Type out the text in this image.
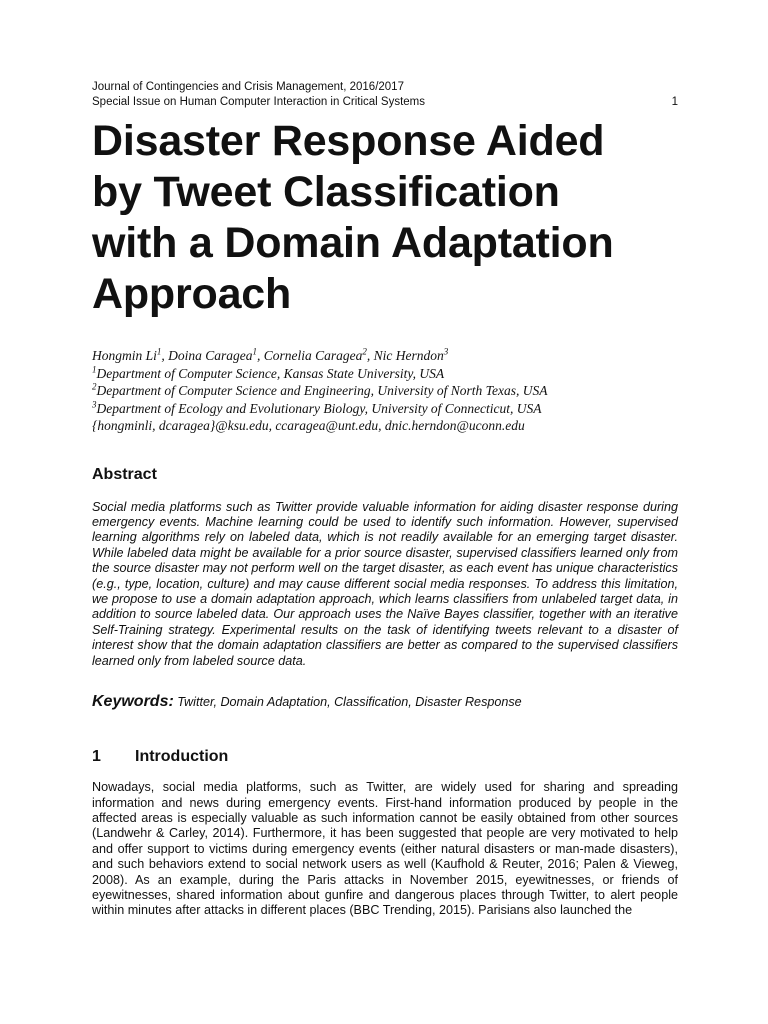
Journal of Contingencies and Crisis Management, 2016/2017
Special Issue on Human Computer Interaction in Critical Systems	1
Disaster Response Aided
by Tweet Classification
with a Domain Adaptation
Approach
Hongmin Li$^1$, Doina Caragea$^1$, Cornelia Caragea$^2$, Nic Herndon$^3$
$^1$Department of Computer Science, Kansas State University, USA
$^2$Department of Computer Science and Engineering, University of North Texas, USA
$^3$Department of Ecology and Evolutionary Biology, University of Connecticut, USA
{hongminli, dcaragea}@ksu.edu, ccaragea@unt.edu, dnic.herndon@uconn.edu
Abstract

Social media platforms such as Twitter provide valuable information for aiding disaster response during emergency events. Machine learning could be used to identify such information. However, supervised learning algorithms rely on labeled data, which is not readily available for an emerging target disaster. While labeled data might be available for a prior source disaster, supervised classifiers learned only from the source disaster may not perform well on the target disaster, as each event has unique characteristics (e.g., type, location, culture) and may cause different social media responses. To address this limitation, we propose to use a domain adaptation approach, which learns classifiers from unlabeled target data, in addition to source labeled data. Our approach uses the Naïve Bayes classifier, together with an iterative Self-Training strategy. Experimental results on the task of identifying tweets relevant to a disaster of interest show that the domain adaptation classifiers are better as compared to the supervised classifiers learned only from labeled source data.

Keywords: Twitter, Domain Adaptation, Classification, Disaster Response
1 Introduction

Nowadays, social media platforms, such as Twitter, are widely used for sharing and spreading information and news during emergency events. First-hand information produced by people in the affected areas is especially valuable as such information cannot be easily obtained from other sources (Landwehr & Carley, 2014). Furthermore, it has been suggested that people are very motivated to help and offer support to victims during emergency events (either natural disasters or man-made disasters), and such behaviors extend to social network users as well (Kaufhold & Reuter, 2016; Palen & Vieweg, 2008). As an example, during the Paris attacks in November 2015, eyewitnesses, or friends of eyewitnesses, shared information about gunfire and dangerous places through Twitter, to alert people within minutes after attacks in different places (BBC Trending, 2015). Parisians also launched the
